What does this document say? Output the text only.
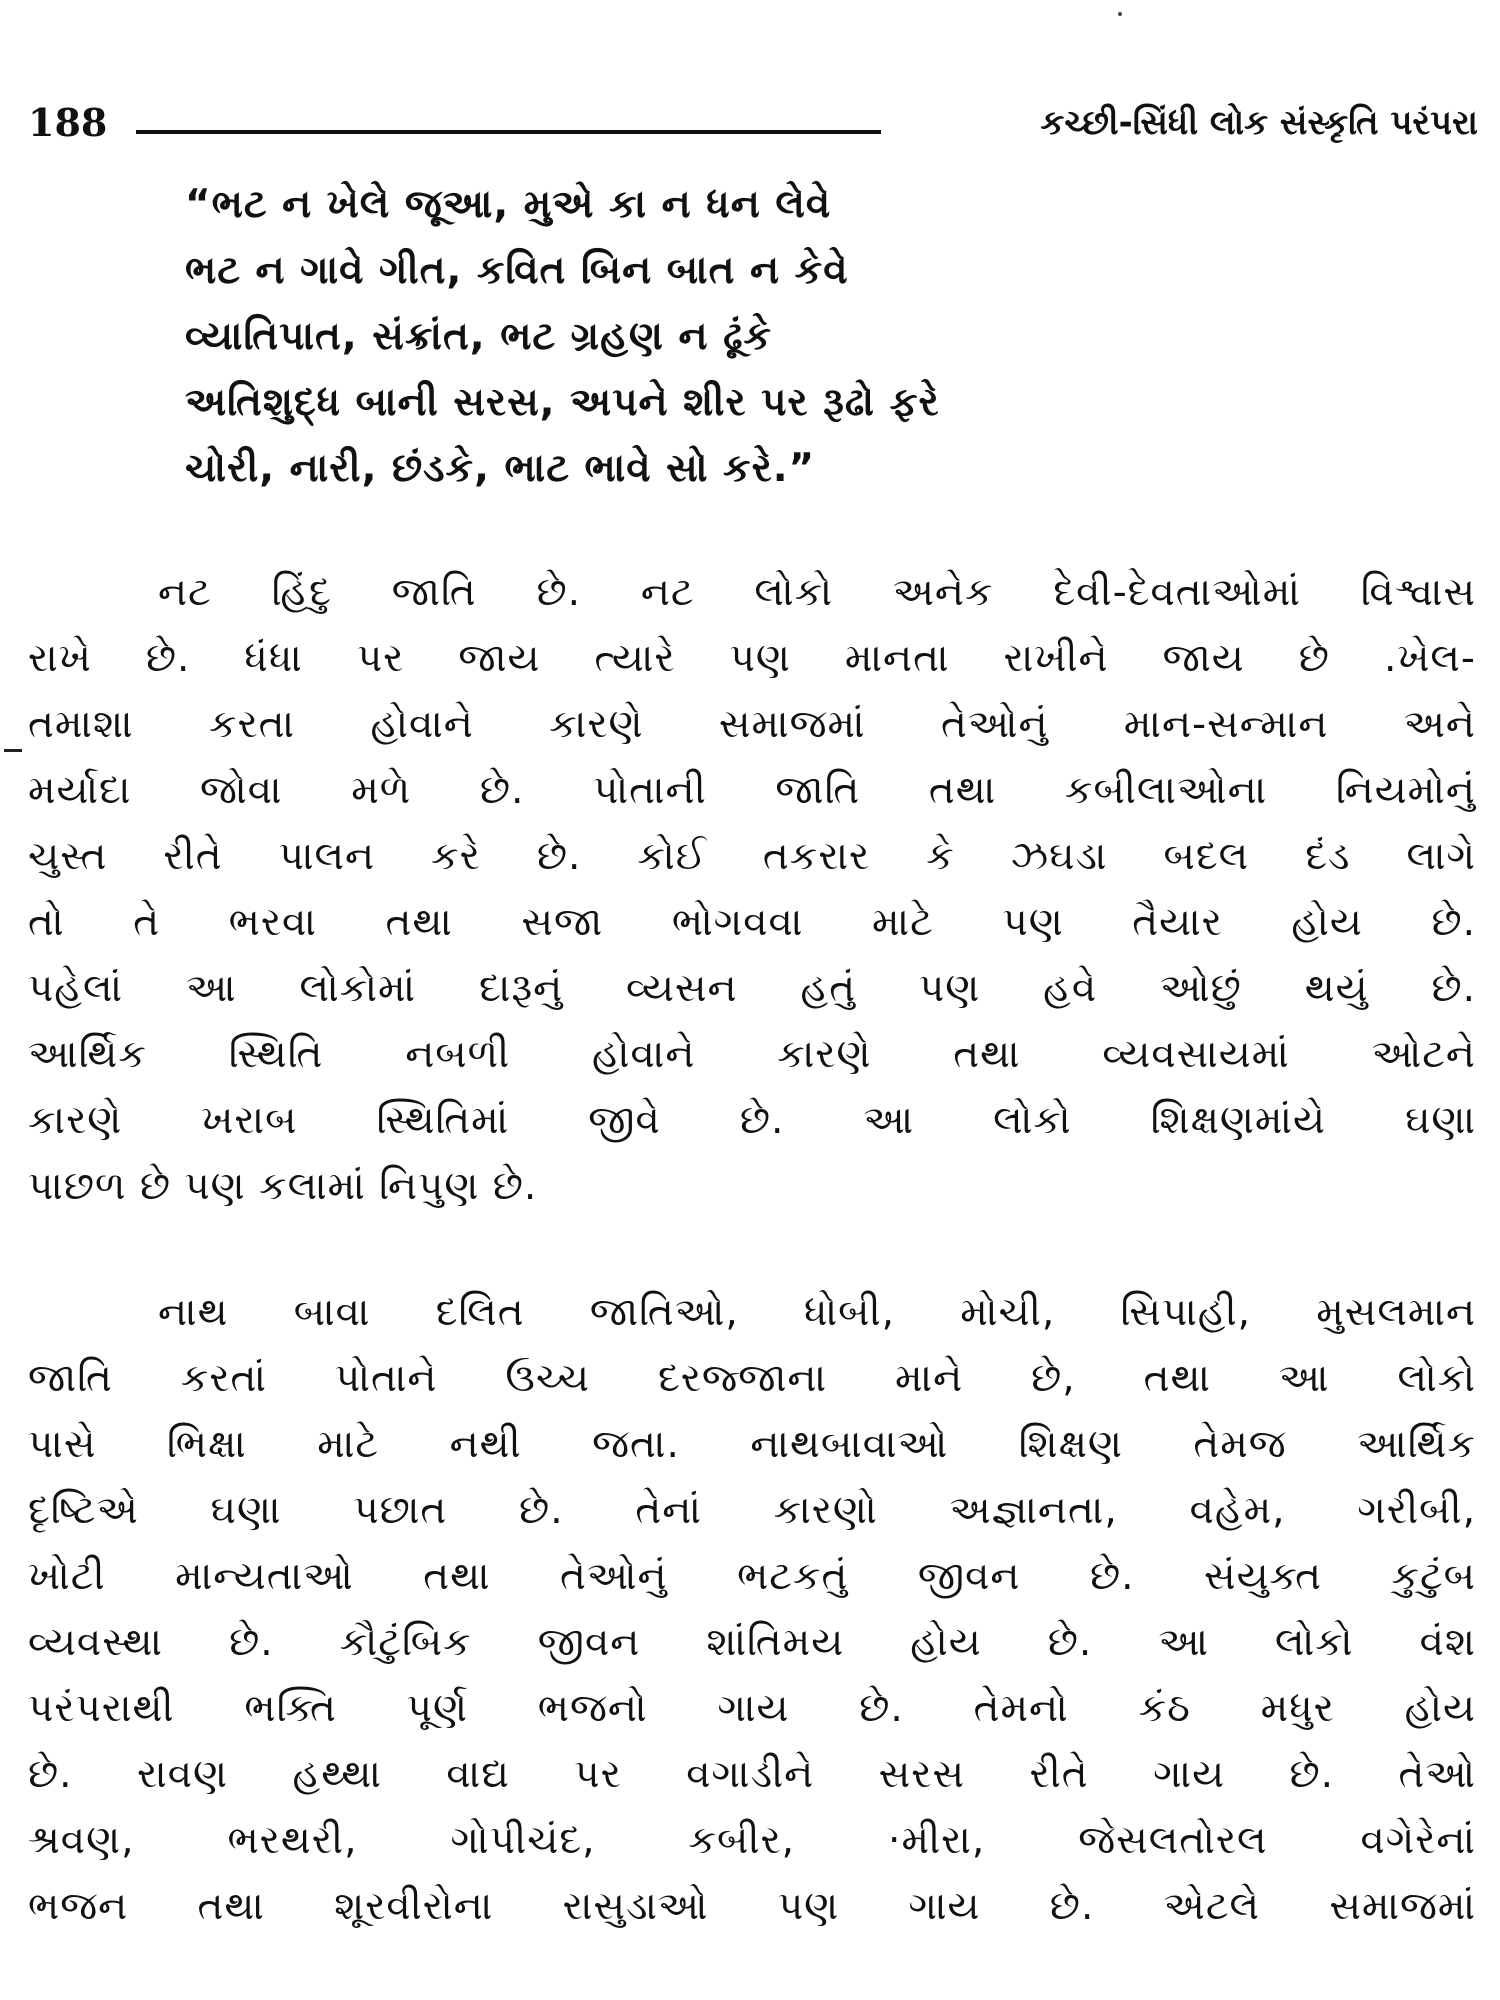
188	કચ્છી-સિંધી લોક સંસ્કૃતિ પરંપરા
“ભટ ન ખેલે જૂઆ, મુએ કા ન ધન લેવે
ભટ ન ગાવે ગીત, કવિત બિન બાત ન કેવે
વ્યાતિપાત, સંક્રાંત, ભટ ગ્રહણ ન ઢૂંકે
અતિશુદ્ધ બાની સરસ, અપને શીર પર રૂઢો ફરે
ચોરી, નારી, છંડકે, ભાટ ભાવે સો કરે.”
નટ હિંદુ જાતિ છે. નટ લોકો અનેક દેવી-દેવતાઓમાં વિશ્વાસ
રાખે છે. ધંધા પર જાય ત્યારે પણ માનતા રાખીને જાય છે .ખેલ-
તમાશા કરતા હોવાને કારણે સમાજમાં તેઓનું માન-સન્માન અને
મર્યાદા જોવા મળે છે. પોતાની જાતિ તથા કબીલાઓના નિયમોનું
ચુસ્ત રીતે પાલન કરે છે. કોઈ તકરાર કે ઝઘડા બદલ દંડ લાગે
તો તે ભરવા તથા સજા ભોગવવા માટે પણ તૈયાર હોય છે.
પહેલાં આ લોકોમાં દારૂનું વ્યસન હતું પણ હવે ઓછું થયું છે.
આર્થિક સ્થિતિ નબળી હોવાને કારણે તથા વ્યવસાયમાં ઓટને
કારણે ખરાબ સ્થિતિમાં જીવે છે. આ લોકો શિક્ષણમાંયે ઘણા
પાછળ છે પણ કલામાં નિપુણ છે.
નાથ બાવા દલિત જાતિઓ, ધોબી, મોચી, સિપાહી, મુસલમાન
જાતિ કરતાં પોતાને ઉચ્ચ દરજ્જાના માને છે, તથા આ લોકો
પાસે ભિક્ષા માટે નથી જતા. નાથબાવાઓ શિક્ષણ તેમજ આર્થિક
દૃષ્ટિએ ઘણા પછાત છે. તેનાં કારણો અજ્ઞાનતા, વહેમ, ગરીબી,
ખોટી માન્યતાઓ તથા તેઓનું ભટકતું જીવન છે. સંયુક્ત કુટુંબ
વ્યવસ્થા છે. કૌટુંબિક જીવન શાંતિમય હોય છે. આ લોકો વંશ
પરંપરાથી ભક્તિ પૂર્ણ ભજનો ગાય છે. તેમનો કંઠ મધુર હોય
છે. રાવણ હથ્થા વાદ્ય પર વગાડીને સરસ રીતે ગાય છે. તેઓ
શ્રવણ, ભરથરી, ગોપીચંદ, કબીર, ·મીરા, જેસલતોરલ વગેરેનાં
ભજન તથા શૂરવીરોના રાસુડાઓ પણ ગાય છે. એટલે સમાજમાં
